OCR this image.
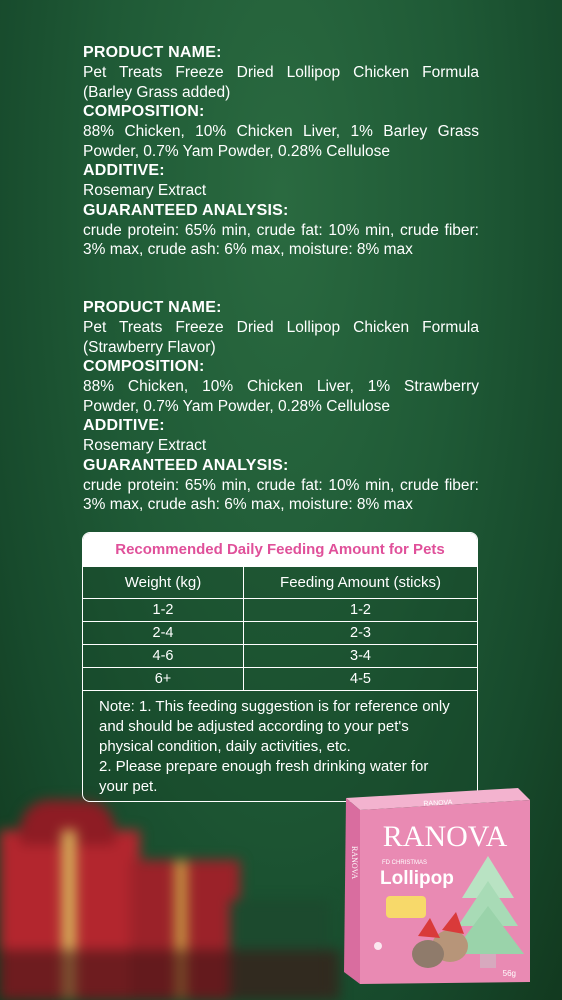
PRODUCT NAME:

Pet Treats Freeze Dried Lollipop Chicken Formula (Barley Grass added)

COMPOSITION:

88% Chicken, 10% Chicken Liver, 1% Barley Grass Powder, 0.7% Yam Powder, 0.28% Cellulose

ADDITIVE:

Rosemary Extract

GUARANTEED ANALYSIS:

crude protein: 65% min, crude fat: 10% min, crude fiber: 3% max, crude ash: 6% max, moisture: 8% max

PRODUCT NAME:

Pet Treats Freeze Dried Lollipop Chicken Formula (Strawberry Flavor)

COMPOSITION:

88% Chicken, 10% Chicken Liver, 1% Strawberry Powder, 0.7% Yam Powder, 0.28% Cellulose

ADDITIVE:

Rosemary Extract

GUARANTEED ANALYSIS:

crude protein: 65% min, crude fat: 10% min, crude fiber: 3% max, crude ash: 6% max, moisture: 8% max

Recommended Daily Feeding Amount for Pets
Weight (kg)	Feeding Amount (sticks)
1-2	1-2
2-4	2-3
4-6	3-4
6+	4-5

Note: 1. This feeding suggestion is for reference only and should be adjusted according to your pet's physical condition, daily activities, etc.

2. Please prepare enough fresh drinking water for your pet.

RANOVA
RANOVA
RANOVA
FD CHRISTMAS
Lollipop
56g
